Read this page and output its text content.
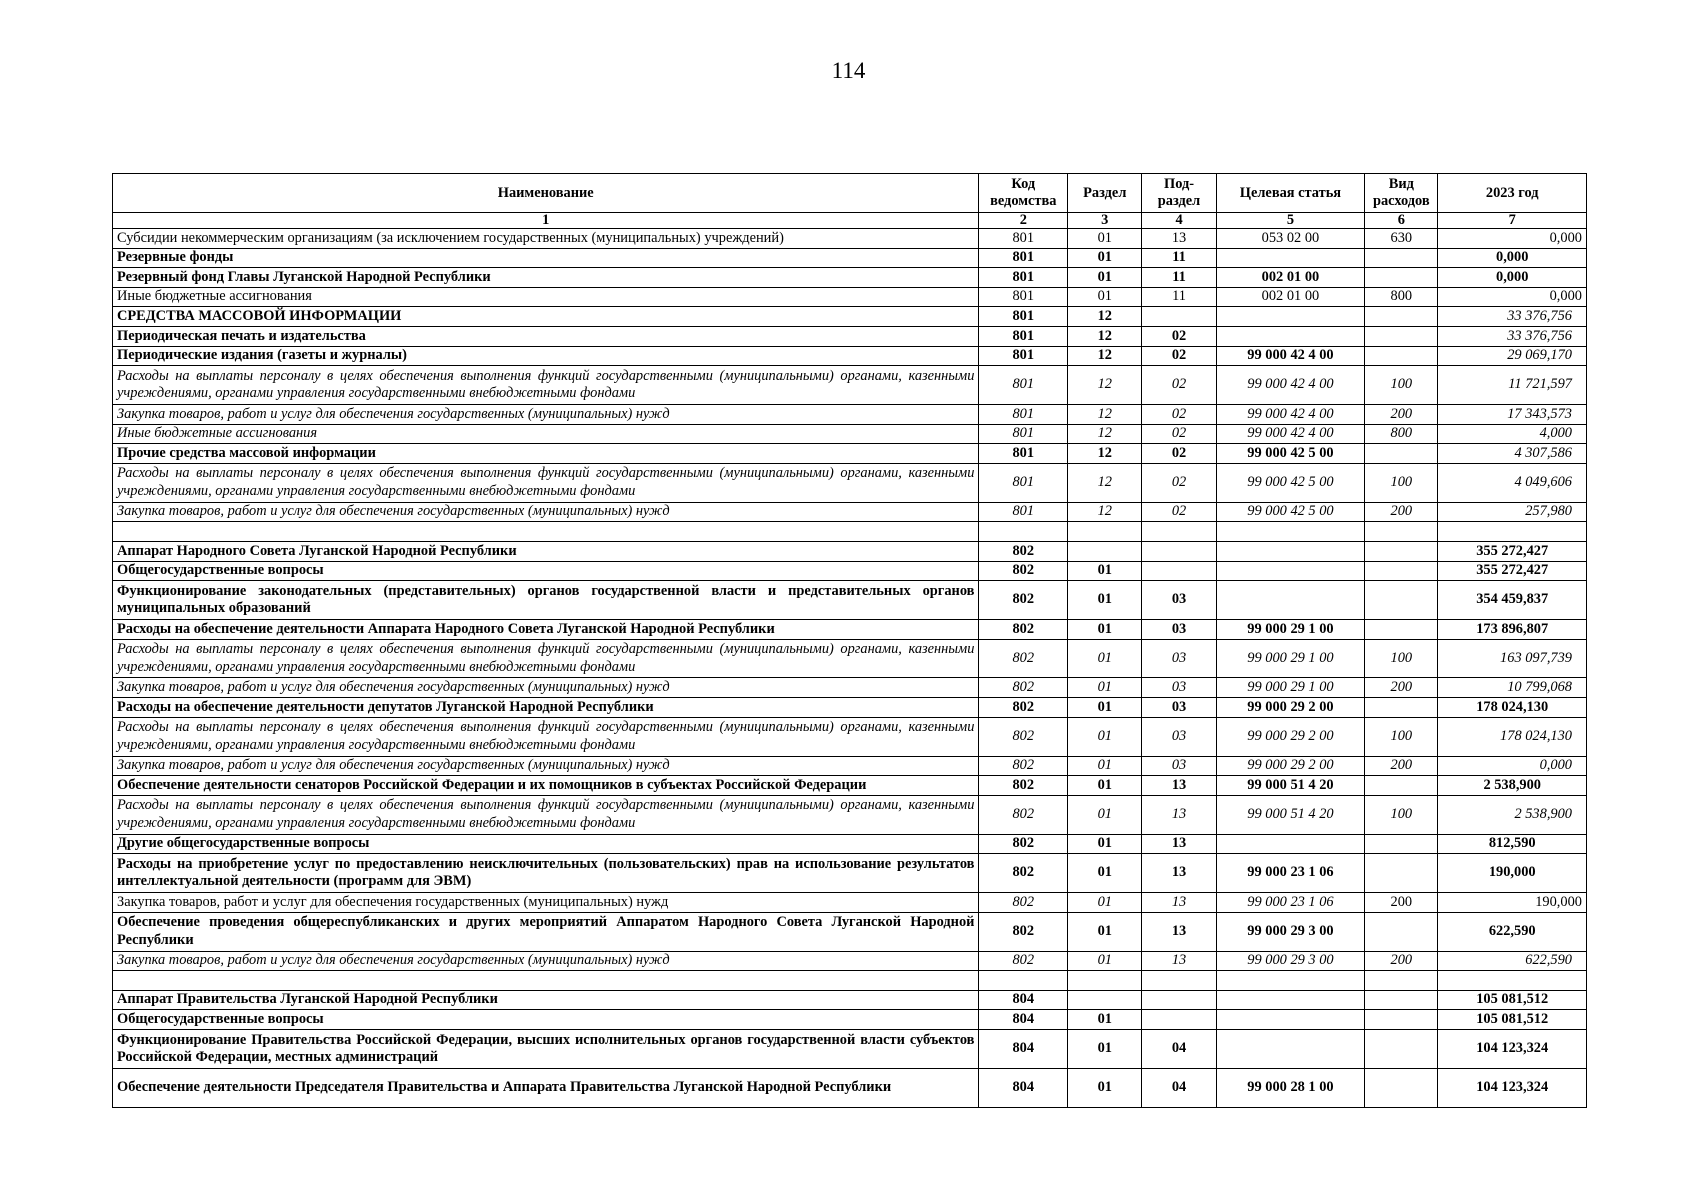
114
Наименование	Код ведомства	Раздел	Под-раздел	Целевая статья	Вид расходов	2023 год
1	2	3	4	5	6	7
Субсидии некоммерческим организациям (за исключением государственных (муниципальных) учреждений)	801	01	13	053 02 00	630	0,000
Резервные фонды	801	01	11			0,000
Резервный фонд Главы Луганской Народной Республики	801	01	11	002 01 00		0,000
Иные бюджетные ассигнования	801	01	11	002 01 00	800	0,000
СРЕДСТВА МАССОВОЙ ИНФОРМАЦИИ	801	12				33 376,756
Периодическая печать и издательства	801	12	02			33 376,756
Периодические издания (газеты и журналы)	801	12	02	99 000 42 4 00		29 069,170
Расходы на выплаты персоналу в целях обеспечения выполнения функций государственными (муниципальными) органами, казенными учреждениями, органами управления государственными внебюджетными фондами	801	12	02	99 000 42 4 00	100	11 721,597
Закупка товаров, работ и услуг для обеспечения государственных (муниципальных) нужд	801	12	02	99 000 42 4 00	200	17 343,573
Иные бюджетные ассигнования	801	12	02	99 000 42 4 00	800	4,000
Прочие средства массовой информации	801	12	02	99 000 42 5 00		4 307,586
Расходы на выплаты персоналу в целях обеспечения выполнения функций государственными (муниципальными) органами, казенными учреждениями, органами управления государственными внебюджетными фондами	801	12	02	99 000 42 5 00	100	4 049,606
Закупка товаров, работ и услуг для обеспечения государственных (муниципальных) нужд	801	12	02	99 000 42 5 00	200	257,980

Аппарат Народного Совета Луганской Народной Республики	802					355 272,427
Общегосударственные вопросы	802	01				355 272,427
Функционирование законодательных (представительных) органов государственной власти и представительных органов муниципальных образований	802	01	03			354 459,837
Расходы на обеспечение деятельности Аппарата Народного Совета Луганской Народной Республики	802	01	03	99 000 29 1 00		173 896,807
Расходы на выплаты персоналу в целях обеспечения выполнения функций государственными (муниципальными) органами, казенными учреждениями, органами управления государственными внебюджетными фондами	802	01	03	99 000 29 1 00	100	163 097,739
Закупка товаров, работ и услуг для обеспечения государственных (муниципальных) нужд	802	01	03	99 000 29 1 00	200	10 799,068
Расходы на обеспечение деятельности депутатов Луганской Народной Республики	802	01	03	99 000 29 2 00		178 024,130
Расходы на выплаты персоналу в целях обеспечения выполнения функций государственными (муниципальными) органами, казенными учреждениями, органами управления государственными внебюджетными фондами	802	01	03	99 000 29 2 00	100	178 024,130
Закупка товаров, работ и услуг для обеспечения государственных (муниципальных) нужд	802	01	03	99 000 29 2 00	200	0,000
Обеспечение деятельности сенаторов Российской Федерации и их помощников в субъектах Российской Федерации	802	01	13	99 000 51 4 20		2 538,900
Расходы на выплаты персоналу в целях обеспечения выполнения функций государственными (муниципальными) органами, казенными учреждениями, органами управления государственными внебюджетными фондами	802	01	13	99 000 51 4 20	100	2 538,900
Другие общегосударственные вопросы	802	01	13			812,590
Расходы на приобретение услуг по предоставлению неисключительных (пользовательских) прав на использование результатов интеллектуальной деятельности (программ для ЭВМ)	802	01	13	99 000 23 1 06		190,000
Закупка товаров, работ и услуг для обеспечения государственных (муниципальных) нужд	802	01	13	99 000 23 1 06	200	190,000
Обеспечение проведения общереспубликанских и других мероприятий Аппаратом Народного Совета Луганской Народной Республики	802	01	13	99 000 29 3 00		622,590
Закупка товаров, работ и услуг для обеспечения государственных (муниципальных) нужд	802	01	13	99 000 29 3 00	200	622,590

Аппарат Правительства Луганской Народной Республики	804					105 081,512
Общегосударственные вопросы	804	01				105 081,512
Функционирование Правительства Российской Федерации, высших исполнительных органов государственной власти субъектов Российской Федерации, местных администраций	804	01	04			104 123,324
Обеспечение деятельности Председателя Правительства и Аппарата Правительства Луганской Народной Республики	804	01	04	99 000 28 1 00		104 123,324
